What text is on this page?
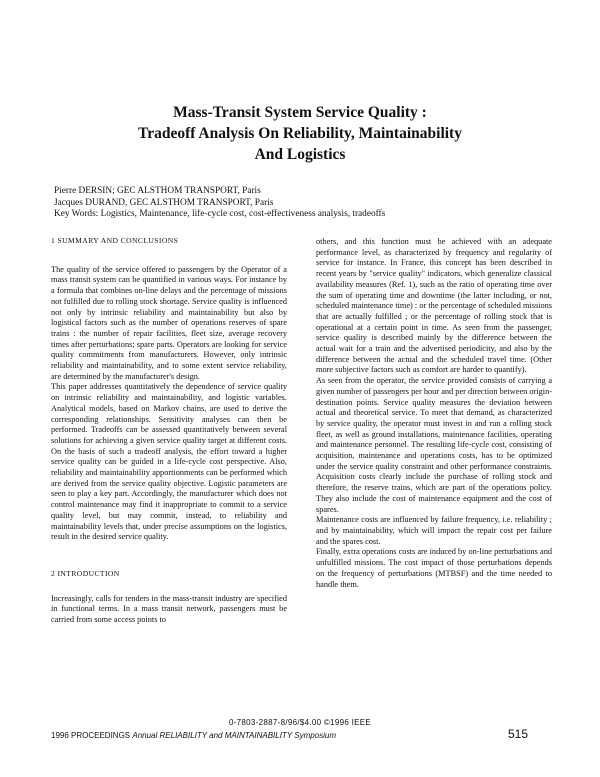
Mass-Transit System Service Quality :
Tradeoff Analysis On Reliability, Maintainability
And Logistics
Pierre DERSIN; GEC ALSTHOM TRANSPORT, Paris
Jacques DURAND, GEC ALSTHOM TRANSPORT, Paris
Key Words: Logistics, Maintenance, life-cycle cost, cost-effectiveness analysis, tradeoffs
1 SUMMARY AND CONCLUSIONS

The quality of the service offered to passengers by the Operator of a mass transit system can be quantified in various ways. For instance by a formula that combines on-line delays and the percentage of missions not fulfilled due to rolling stock shortage. Service quality is influenced not only by intrinsic reliability and maintainability but also by logistical factors such as the number of operations reserves of spare trains : the number of repair facilities, fleet size, average recovery times after perturbations; spare parts. Operators are looking for service quality commitments from manufacturers. However, only intrinsic reliability and maintainability, and to some extent service reliability, are determined by the manufacturer's design.

This paper addresses quantitatively the dependence of service quality on intrinsic reliability and maintainability, and logistic variables. Analytical models, based on Markov chains, are used to derive the corresponding relationships. Sensitivity analyses can then be performed. Tradeoffs can be assessed quantitatively between several solutions for achieving a given service quality target at different costs. On the basis of such a tradeoff analysis, the effort toward a higher service quality can be guided in a life-cycle cost perspective. Also, reliability and maintainability apportionments can be performed which are derived from the service quality objective. Logistic parameters are seen to play a key part. Accordingly, the manufacturer which does not control maintenance may find it inappropriate to commit to a service quality level, but may commit, instead, to reliability and maintainability levels that, under precise assumptions on the logistics, result in the desired service quality.

2 INTRODUCTION

Increasingly, calls for tenders in the mass-transit industry are specified in functional terms. In a mass transit network, passengers must be carried from some access points to

others, and this function must be achieved with an adequate performance level, as characterized by frequency and regularity of service for instance. In France, this concept has been described in recent years by "service quality" indicators, which generalize classical availability measures (Ref. 1), such as the ratio of operating time over the sum of operating time and downtime (the latter including, or not, scheduled maintenance time) : or the percentage of scheduled missions that are actually fulfilled ; or the percentage of rolling stock that is operational at a certain point in time. As seen from the passenger, service quality is described mainly by the difference between the actual wait for a train and the advertised periodicity, and also by the difference between the actual and the scheduled travel time. (Other more subjective factors such as comfort are harder to quantify).

As seen from the operator, the service provided consists of carrying a given number of passengers per hour and per direction between origin-destination points. Service quality measures the deviation between actual and theoretical service. To meet that demand, as characterized by service quality, the operator must invest in and run a rolling stock fleet, as well as ground installations, maintenance facilities, operating and maintenance personnel. The resulting life-cycle cost, consisting of acquisition, maintenance and operations costs, has to be optimized under the service quality constraint and other performance constraints. Acquisition costs clearly include the purchase of rolling stock and therefore, the reserve trains, which are part of the operations policy. They also include the cost of maintenance equipment and the cost of spares.

Maintenance costs are influenced by failure frequency, i.e. reliability ; and by maintainability, which will impact the repair cost per failure and the spares cost.

Finally, extra operations costs are induced by on-line perturbations and unfulfilled missions. The cost impact of those perturbations depends on the frequency of perturbations (MTBSF) and the time needed to handle them.

0-7803-2887-8/96/$4.00 ©1996 IEEE
1996 PROCEEDINGS Annual RELIABILITY and MAINTAINABILITY Symposium	515
